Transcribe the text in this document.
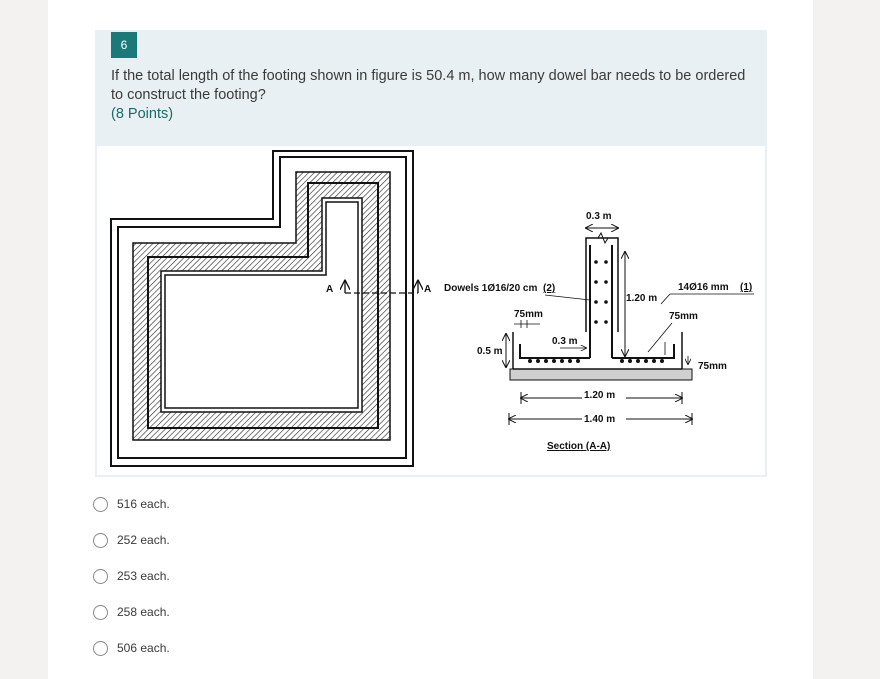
6
If the total length of the footing shown in figure is 50.4 m, how many dowel bar needs to be ordered to construct the footing?
(8 Points)
A	A
0.3 m
1.20 m
Dowels 1Ø16/20 cm (2)	14Ø16 mm (1)
75mm	75mm
75mm
0.3 m
0.5 m
1.20 m
1.40 m
Section (A-A)
516 each.
252 each.
253 each.
258 each.
506 each.
